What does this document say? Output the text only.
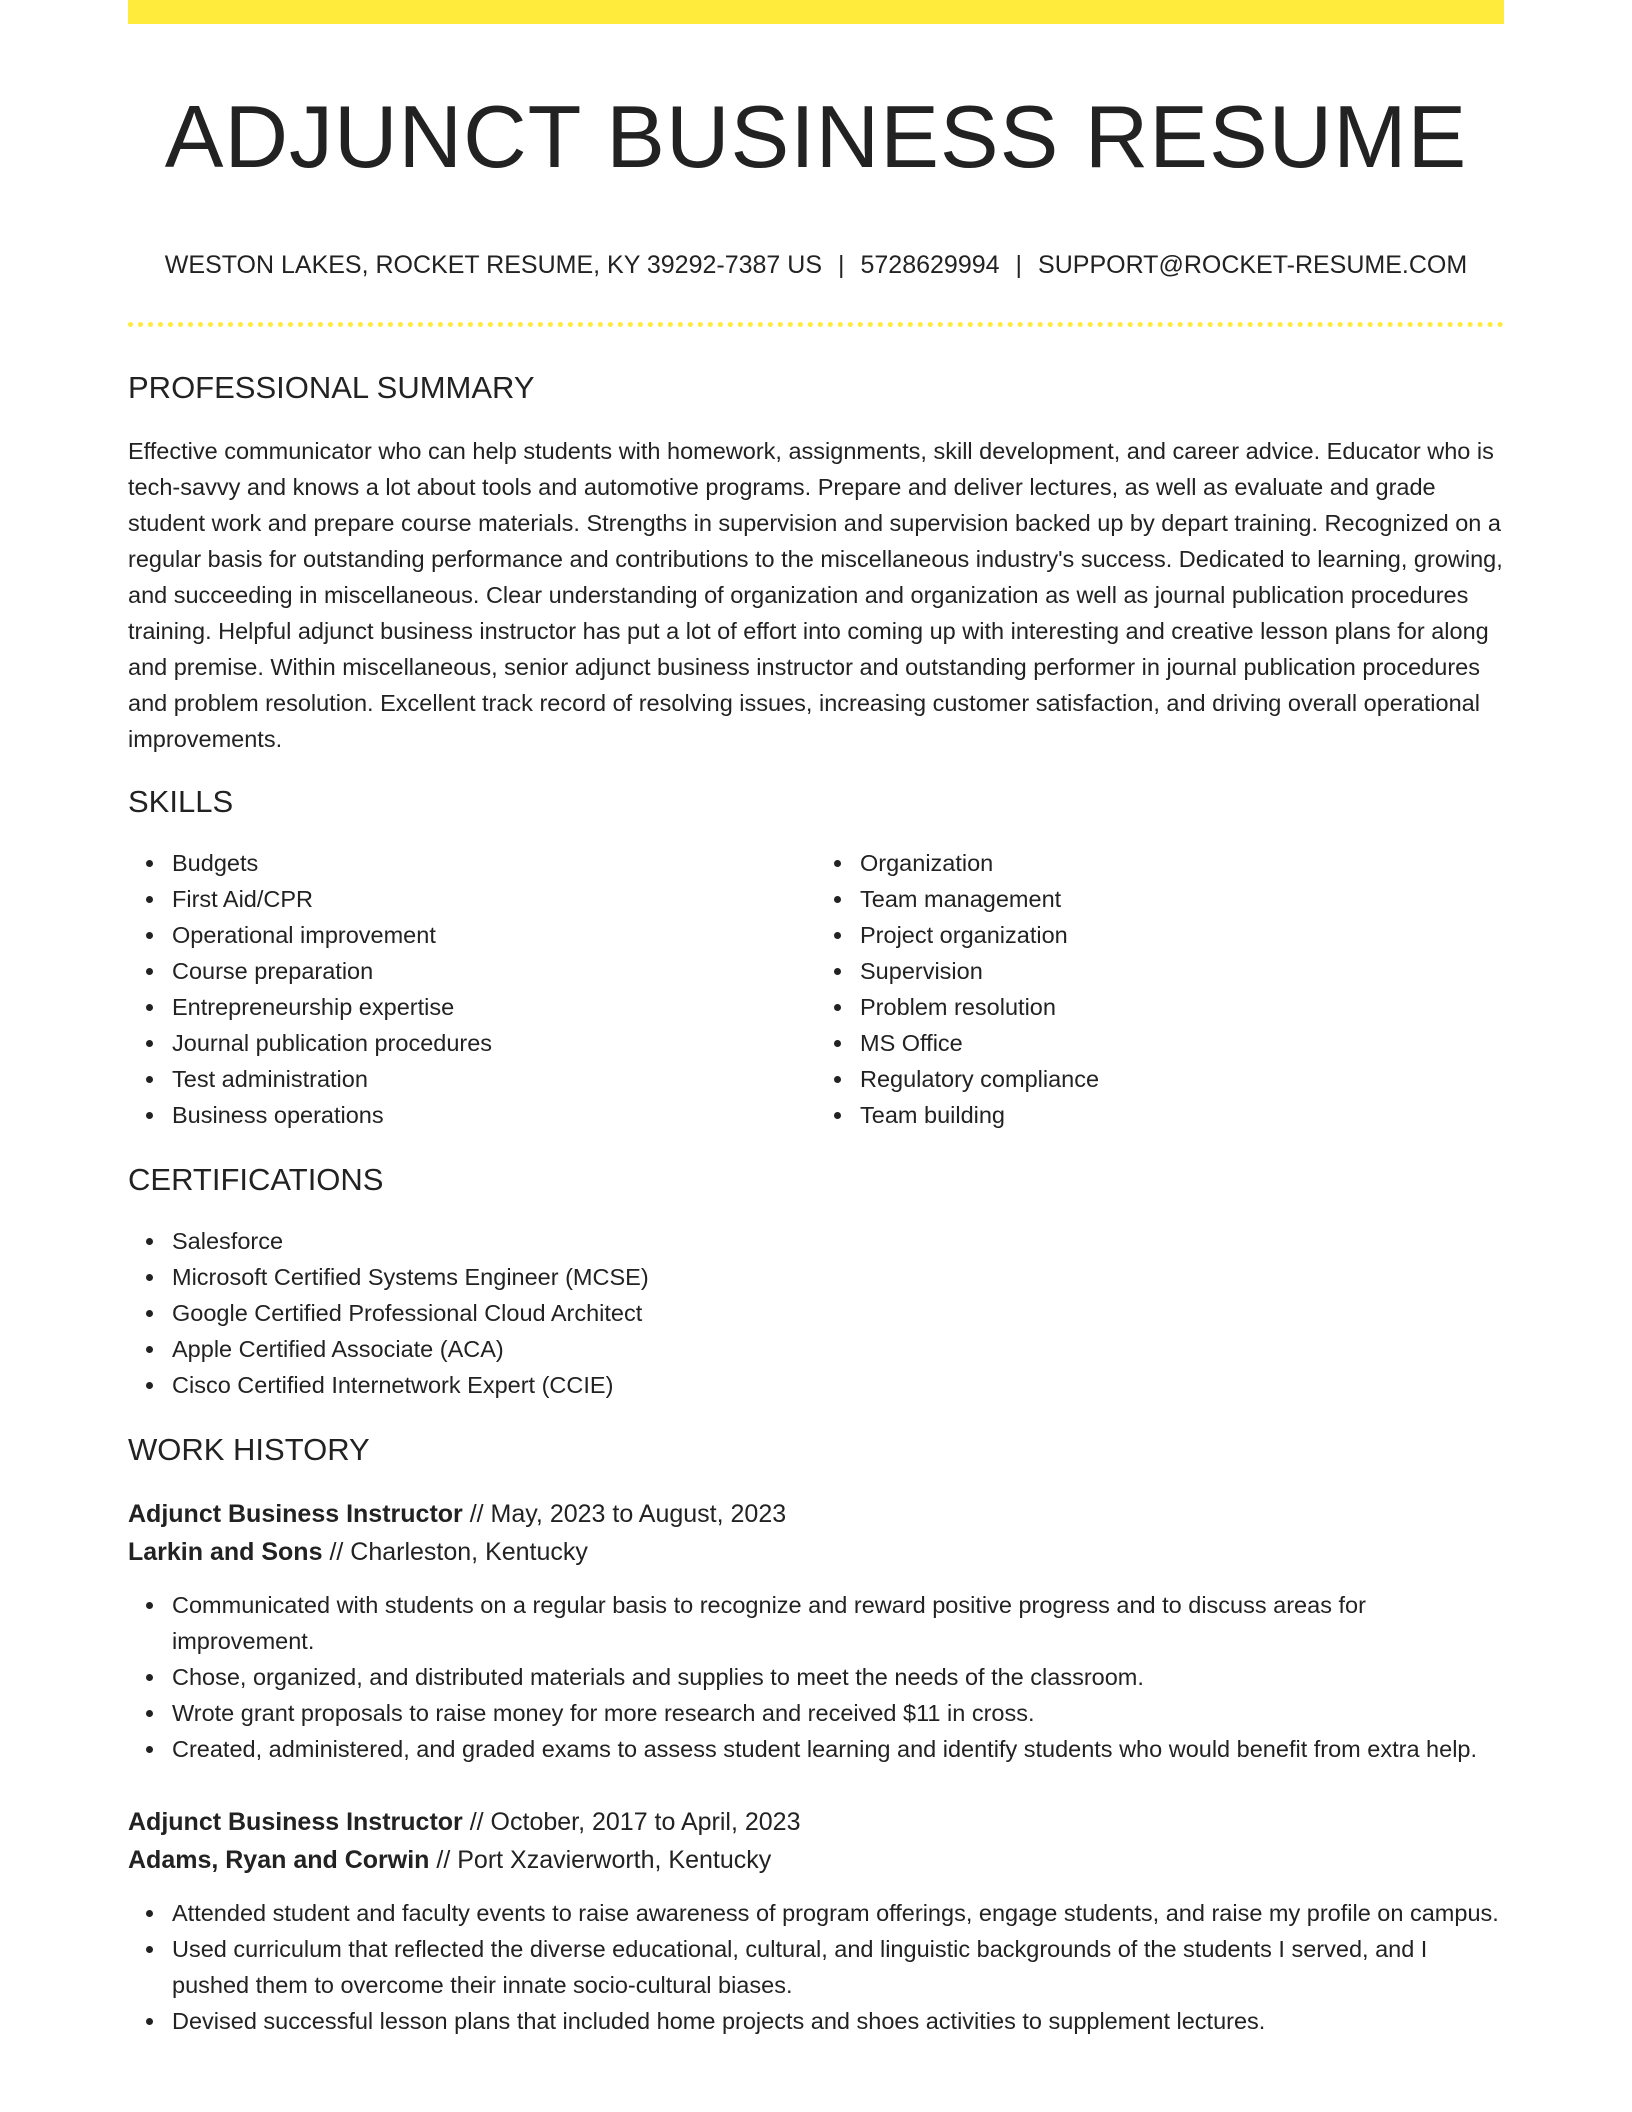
ADJUNCT BUSINESS RESUME
WESTON LAKES, ROCKET RESUME, KY 39292-7387 US | 5728629994 | SUPPORT@ROCKET-RESUME.COM
PROFESSIONAL SUMMARY

Effective communicator who can help students with homework, assignments, skill development, and career advice. Educator who is tech-savvy and knows a lot about tools and automotive programs. Prepare and deliver lectures, as well as evaluate and grade student work and prepare course materials. Strengths in supervision and supervision backed up by depart training. Recognized on a regular basis for outstanding performance and contributions to the miscellaneous industry's success. Dedicated to learning, growing, and succeeding in miscellaneous. Clear understanding of organization and organization as well as journal publication procedures training. Helpful adjunct business instructor has put a lot of effort into coming up with interesting and creative lesson plans for along and premise. Within miscellaneous, senior adjunct business instructor and outstanding performer in journal publication procedures and problem resolution. Excellent track record of resolving issues, increasing customer satisfaction, and driving overall operational improvements.

SKILLS
Budgets
First Aid/CPR
Operational improvement
Course preparation
Entrepreneurship expertise
Journal publication procedures
Test administration
Business operations
Organization
Team management
Project organization
Supervision
Problem resolution
MS Office
Regulatory compliance
Team building
CERTIFICATIONS
Salesforce
Microsoft Certified Systems Engineer (MCSE)
Google Certified Professional Cloud Architect
Apple Certified Associate (ACA)
Cisco Certified Internetwork Expert (CCIE)
WORK HISTORY
Adjunct Business Instructor // May, 2023 to August, 2023
Larkin and Sons // Charleston, Kentucky
Communicated with students on a regular basis to recognize and reward positive progress and to discuss areas for improvement.
Chose, organized, and distributed materials and supplies to meet the needs of the classroom.
Wrote grant proposals to raise money for more research and received $11 in cross.
Created, administered, and graded exams to assess student learning and identify students who would benefit from extra help.
Adjunct Business Instructor // October, 2017 to April, 2023
Adams, Ryan and Corwin // Port Xzavierworth, Kentucky
Attended student and faculty events to raise awareness of program offerings, engage students, and raise my profile on campus.
Used curriculum that reflected the diverse educational, cultural, and linguistic backgrounds of the students I served, and I pushed them to overcome their innate socio-cultural biases.
Devised successful lesson plans that included home projects and shoes activities to supplement lectures.
